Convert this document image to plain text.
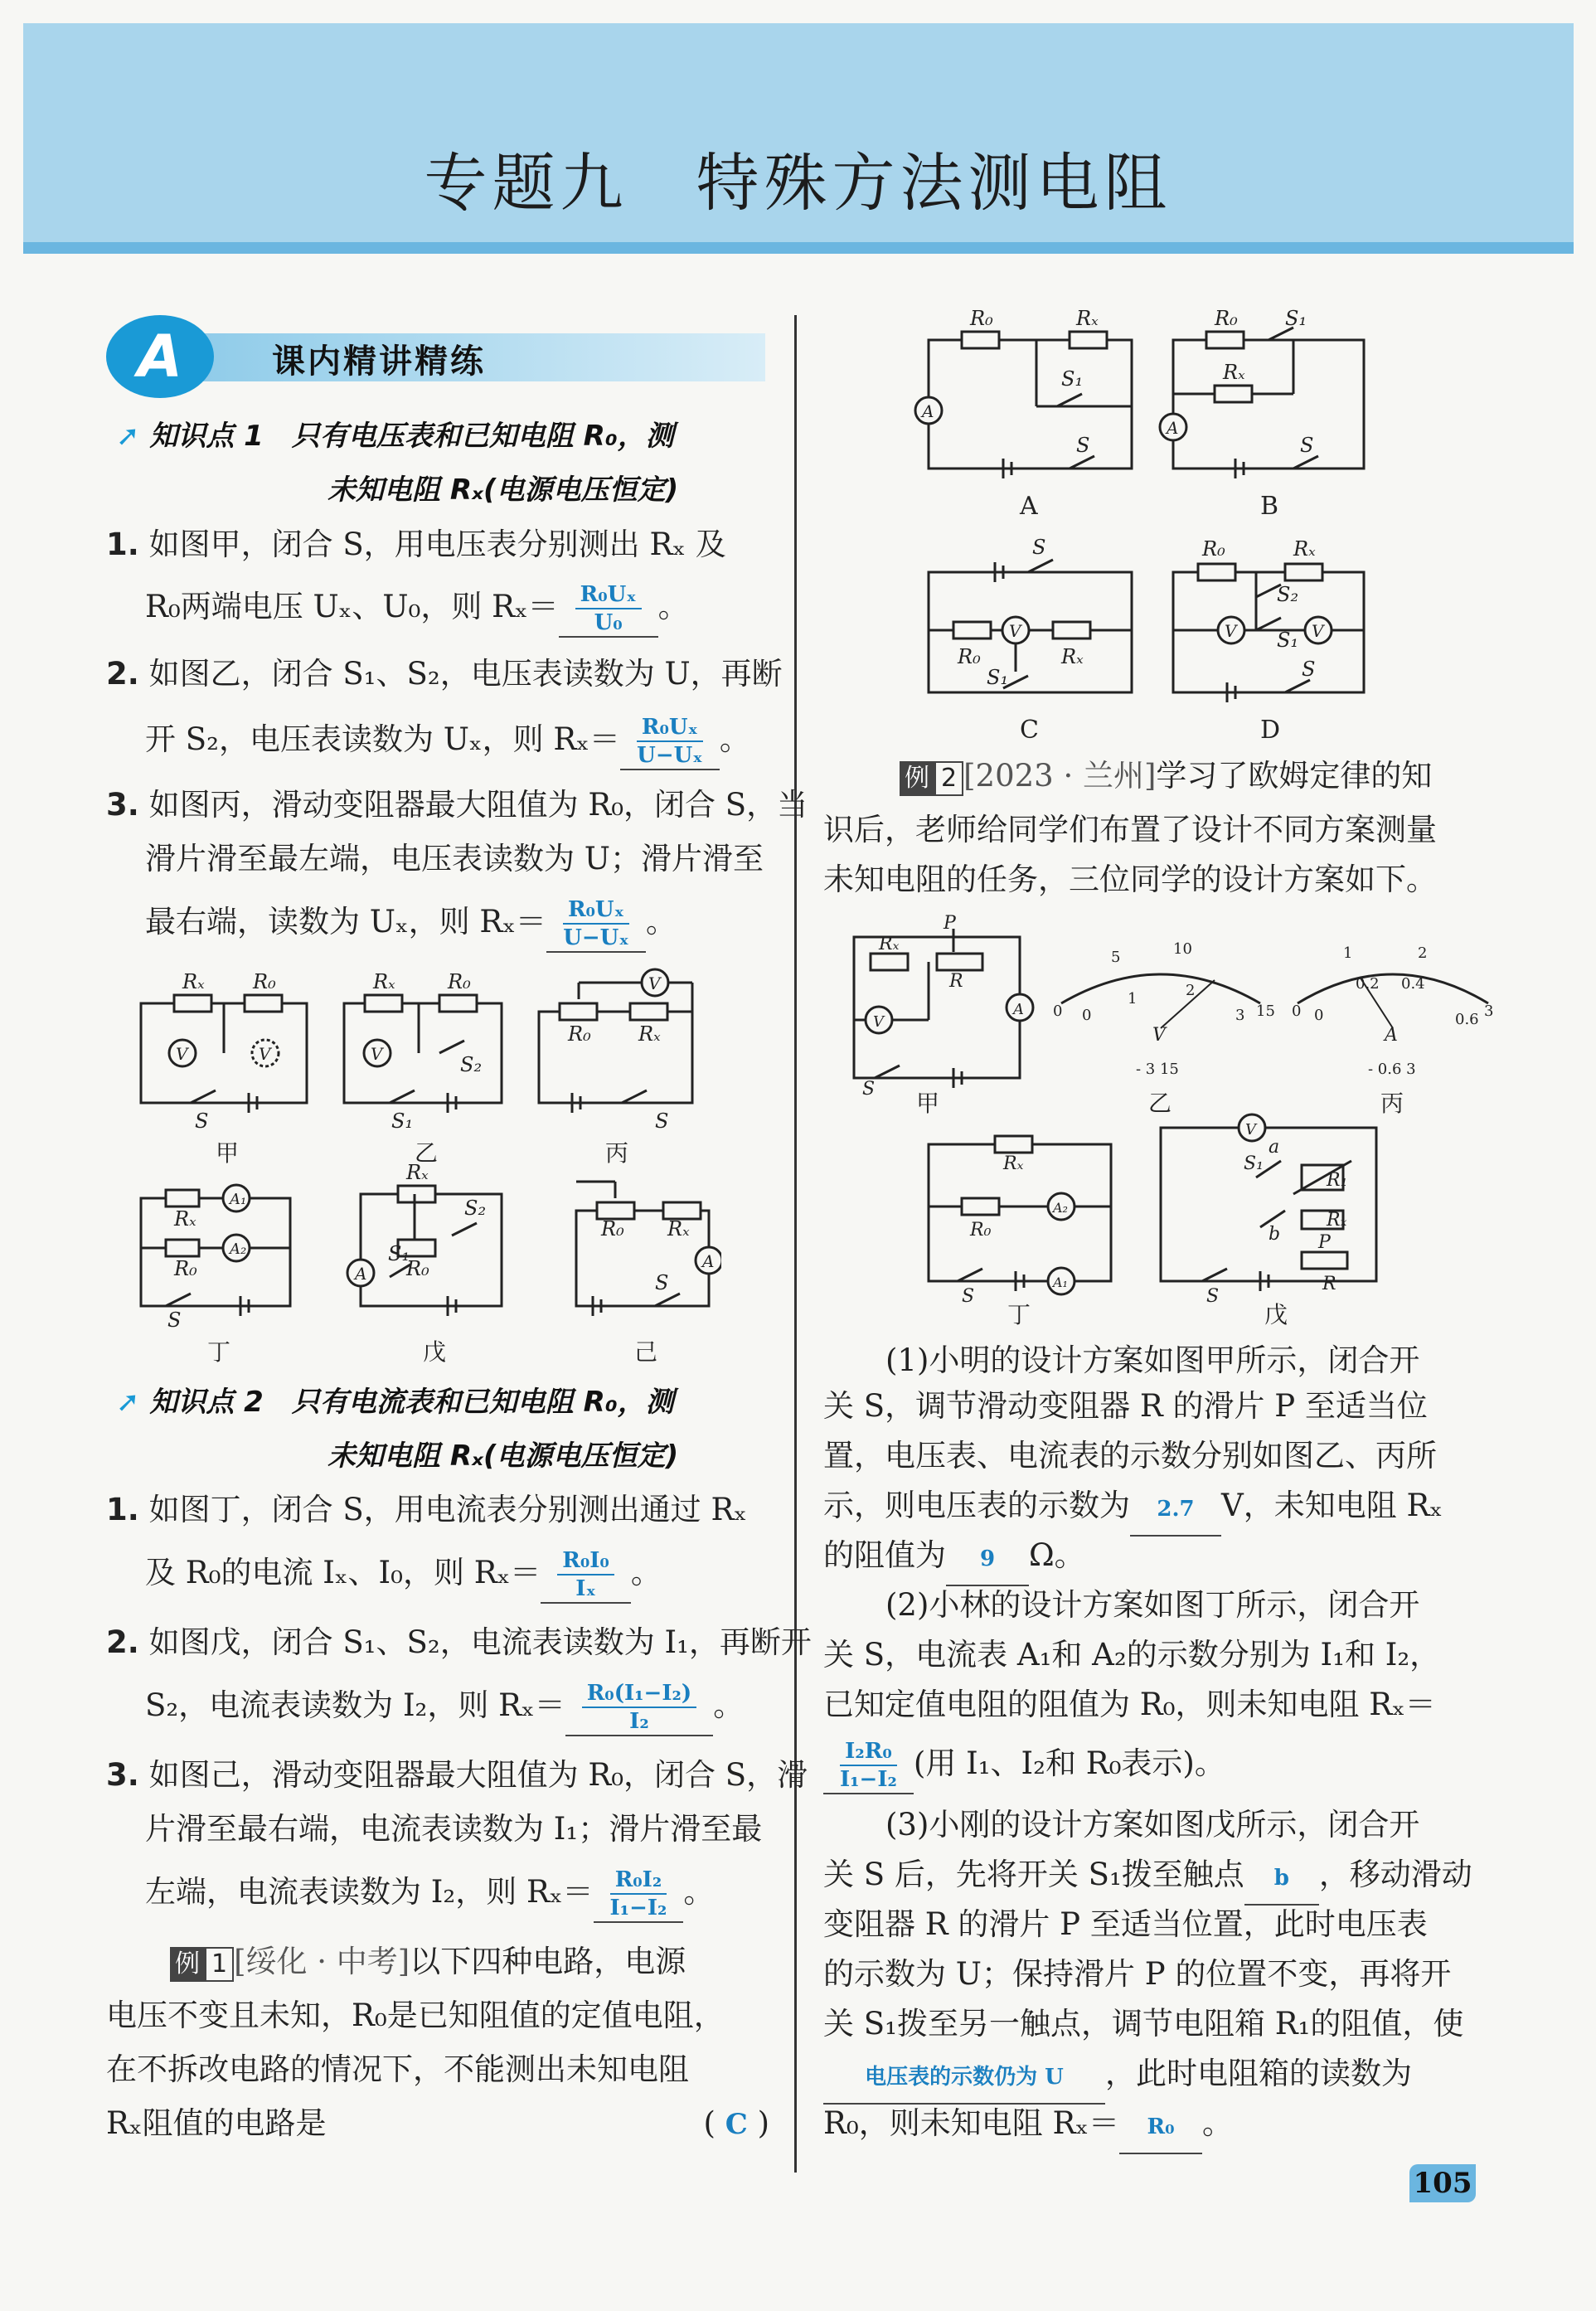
专题九　特殊方法测电阻
A	课内精讲精练
➚ 知识点 1　只有电压表和已知电阻 R₀，测
未知电阻 Rₓ(电源电压恒定)
1. 如图甲，闭合 S，用电压表分别测出 Rₓ 及
R₀两端电压 Uₓ、U₀，则 $R_x= \frac{\text{R₀Uₓ}}{\text{U₀}}$ 。
2. 如图乙，闭合 S₁、S₂，电压表读数为 U，再断
开 S₂，电压表读数为 Uₓ，则 $R_x= \frac{\text{R₀Uₓ}}{\text{U−Uₓ}}$ 。
3. 如图丙，滑动变阻器最大阻值为 R₀，闭合 S，当
滑片滑至最左端，电压表读数为 U；滑片滑至
最右端，读数为 Uₓ，则 $R_x= \frac{\text{R₀Uₓ}}{\text{U−Uₓ}}$ 。
Rₓ R₀
V	V
S
甲
Rₓ	R₀
V	S₂
S₁
乙
V
R₀ Rₓ
S
丙
Rₓ
A₁
R₀
A₂
S
丁
Rₓ
S₂
R₀
A
S₁
戊
R₀ Rₓ
A
S
己
➚ 知识点 2　只有电流表和已知电阻 R₀，测
未知电阻 Rₓ(电源电压恒定)
1. 如图丁，闭合 S，用电流表分别测出通过 Rₓ
及 R₀的电流 Iₓ、I₀，则 $R_x= \frac{\text{R₀I₀}}{\text{Iₓ}}$ 。
2. 如图戊，闭合 S₁、S₂，电流表读数为 I₁，再断开
S₂，电流表读数为 I₂，则 $R_x= \frac{\text{R₀(I₁−I₂)}}{\text{I₂}}$ 。
3. 如图己，滑动变阻器最大阻值为 R₀，闭合 S，滑
片滑至最右端，电流表读数为 I₁；滑片滑至最
左端，电流表读数为 I₂，则 $R_x= \frac{\text{R₀I₂}}{\text{I₁−I₂}}$ 。
例 1 [绥化 · 中考]以下四种电路，电源
电压不变且未知，R₀是已知阻值的定值电阻，
在不拆改电路的情况下，不能测出未知电阻
Rₓ阻值的电路是	( C )
R₀	Rₓ
S₁
A
S
A
R₀ S₁
Rₓ
A
S
B
S
R₀
V
Rₓ
S₁
C
R₀	Rₓ
S₂
S₁
V	V
S
D
例 2 [2023 · 兰州]学习了欧姆定律的知
识后，老师给同学们布置了设计不同方案测量
未知电阻的任务，三位同学的设计方案如下。
Rₓ
P
R
V
A
S
甲
0
5	10
15
0
1	2
3
V
- 3 15
乙
0
1	2
3
0
0.2 0.4
0.6
A
- 0.6 3
丙
Rₓ
R₀
A₂
A₁
S
丁
V
a
S₁
R₁
b
Rₓ
P
R
S
戊
(1)小明的设计方案如图甲所示，闭合开
关 S，调节滑动变阻器 R 的滑片 P 至适当位
置，电压表、电流表的示数分别如图乙、丙所
示，则电压表的示数为 2.7 V，未知电阻 Rₓ
的阻值为 9 Ω。
(2)小林的设计方案如图丁所示，闭合开
关 S，电流表 A₁和 A₂的示数分别为 I₁和 I₂，
已知定值电阻的阻值为 R₀，则未知电阻 Rₓ＝
$\frac{\text{I₂R₀}}{\text{I₁−I₂}}$ (用 I₁、I₂和 R₀表示)。
(3)小刚的设计方案如图戊所示，闭合开
关 S 后，先将开关 S₁拨至触点 b ，移动滑动
变阻器 R 的滑片 P 至适当位置，此时电压表
的示数为 U；保持滑片 P 的位置不变，再将开
关 S₁拨至另一触点，调节电阻箱 R₁的阻值，使
电压表的示数仍为 U ，此时电阻箱的读数为
R₀，则未知电阻 Rₓ＝ R₀ 。
105
